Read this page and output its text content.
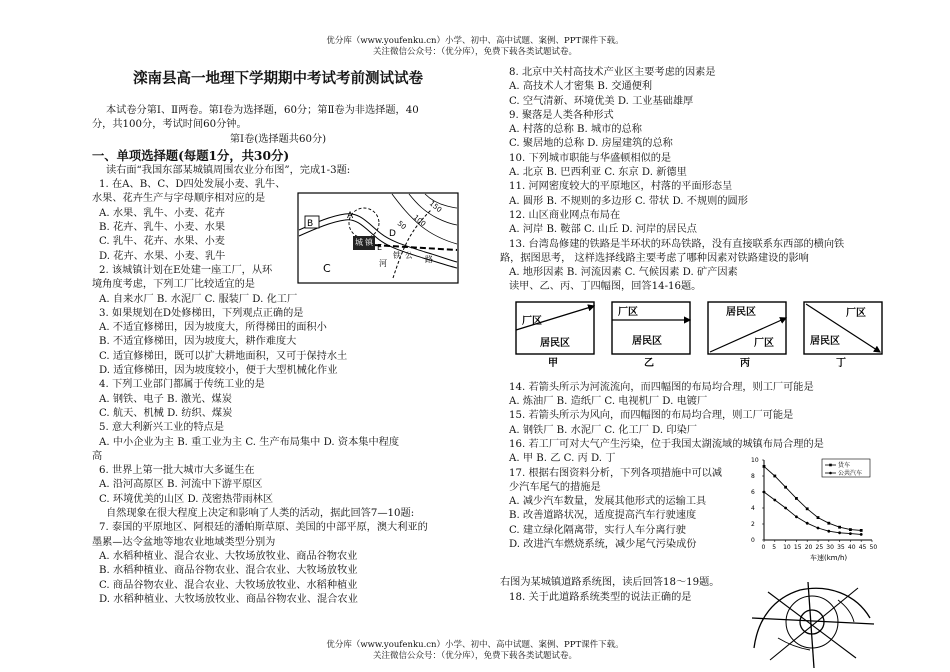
优分库（www.youfenku.cn）小学、初中、高中试题、案例、PPT课件下载。
关注微信公众号：（优分库），免费下载各类试题试卷。
优分库（www.youfenku.cn）小学、初中、高中试题、案例、PPT课件下载。
关注微信公众号：（优分库），免费下载各类试题试卷。
滦南县高一地理下学期期中考试考前测试试卷
本试卷分第Ⅰ、Ⅱ两卷。第Ⅰ卷为选择题，60分；第Ⅱ卷为非选择题，40
分，共100分，考试时间60分钟。
第Ⅰ卷(选择题共60分)
一、单项选择题(每题1分，共30分)
读右面“我国东部某城镇周围农业分布图”，完成1-3题:
1. 在A、B、C、D四处发展小麦、乳牛、
水果、花卉生产与字母顺序相对应的是
A. 水果、乳牛、小麦、花卉
B. 花卉、乳牛、小麦、水果
C. 乳牛、花卉、水果、小麦
D. 花卉、水果、小麦、乳牛
2. 该城镇计划在E处建一座工厂，从环
境角度考虑，下列工厂比较适宜的是
A. 自来水厂 B. 水泥厂 C. 服装厂 D. 化工厂
3. 如果规划在D处修梯田，下列观点正确的是
A. 不适宜修梯田，因为坡度大，所得梯田的面积小
B. 不适宜修梯田，因为坡度大，耕作难度大
C. 适宜修梯田，既可以扩大耕地面积，又可于保持水土
D. 适宜修梯田，因为坡度较小，便于大型机械化作业
4. 下列工业部门都属于传统工业的是
A. 钢铁、电子 B. 激光、煤炭
C. 航天、机械 D. 纺织、煤炭
5. 意大利新兴工业的特点是
A. 中小企业为主 B. 重工业为主 C. 生产布局集中 D. 资本集中程度
高
6. 世界上第一批大城市大多诞生在
A. 沿河高原区 B. 河流中下游平原区
C. 环境优美的山区 D. 茂密热带雨林区
自然现象在很大程度上决定和影响了人类的活动，据此回答7—10题:
7. 泰国的平原地区、阿根廷的潘帕斯草原、美国的中部平原，澳大利亚的
墨累—达令盆地等地农业地域类型分别为
A. 水稻种植业、混合农业、大牧场放牧业、商品谷物农业
B. 水稻种植业、商品谷物农业、混合农业、大牧场放牧业
C. 商品谷物农业、混合农业、大牧场放牧业、水稻种植业
D. 水稻种植业、大牧场放牧业、商品谷物农业、混合农业
B
A
D
E
C
城 镇
河
铁	路
公
150
100
50
8. 北京中关村高技术产业区主要考虑的因素是
A. 高技术人才密集 B. 交通便利
C. 空气清新、环境优美 D. 工业基础雄厚
9. 聚落是人类各种形式
A. 村落的总称 B. 城市的总称
C. 聚居地的总称 D. 房屋建筑的总称
10. 下列城市职能与华盛顿相似的是
A. 北京 B. 巴西利亚 C. 东京 D. 新德里
11. 河网密度较大的平原地区，村落的平面形态呈
A. 圆形 B. 不规则的多边形 C. 带状 D. 不规则的圆形
12. 山区商业网点布局在
A. 河岸 B. 鞍部 C. 山丘 D. 河岸的居民点
13. 台湾岛修建的铁路是半环状的环岛铁路，没有直接联系东西部的横向铁
路，据图思考， 这样选择线路主要考虑了哪种因素对铁路建设的影响
A. 地形因素 B. 河流因素 C. 气候因素 D. 矿产因素
读甲、乙、丙、丁四幅图，回答14-16题。
14. 若箭头所示为河流流向，而四幅图的布局均合理，则工厂可能是
A. 炼油厂 B. 造纸厂 C. 电视机厂 D. 电镀厂
15. 若箭头所示为风向，而四幅图的布局均合理，则工厂可能是
A. 钢铁厂 B. 水泥厂 C. 化工厂 D. 印染厂
16. 若工厂可对大气产生污染，位于我国太湖流域的城镇布局合理的是
A. 甲 B. 乙 C. 丙 D. 丁
17. 根据右图资料分析，下列各项措施中可以减
少汽车尾气的措施是
A. 减少汽车数量，发展其他形式的运输工具
B. 改善道路状况，适度提高汽车行驶速度
C. 建立绿化隔离带，实行人车分离行驶
D. 改进汽车燃烧系统，减少尾气污染成份
右图为某城镇道路系统图，读后回答18～19题。
18. 关于此道路系统类型的说法正确的是
厂区
居民区
甲
厂区
居民区
乙
居民区
厂区
丙
居民区
厂区
丁
0 5 10 15 20 25 30 35 40 45 50
0
2
4
6
8
10
货车
公共汽车
车速(km/h)
